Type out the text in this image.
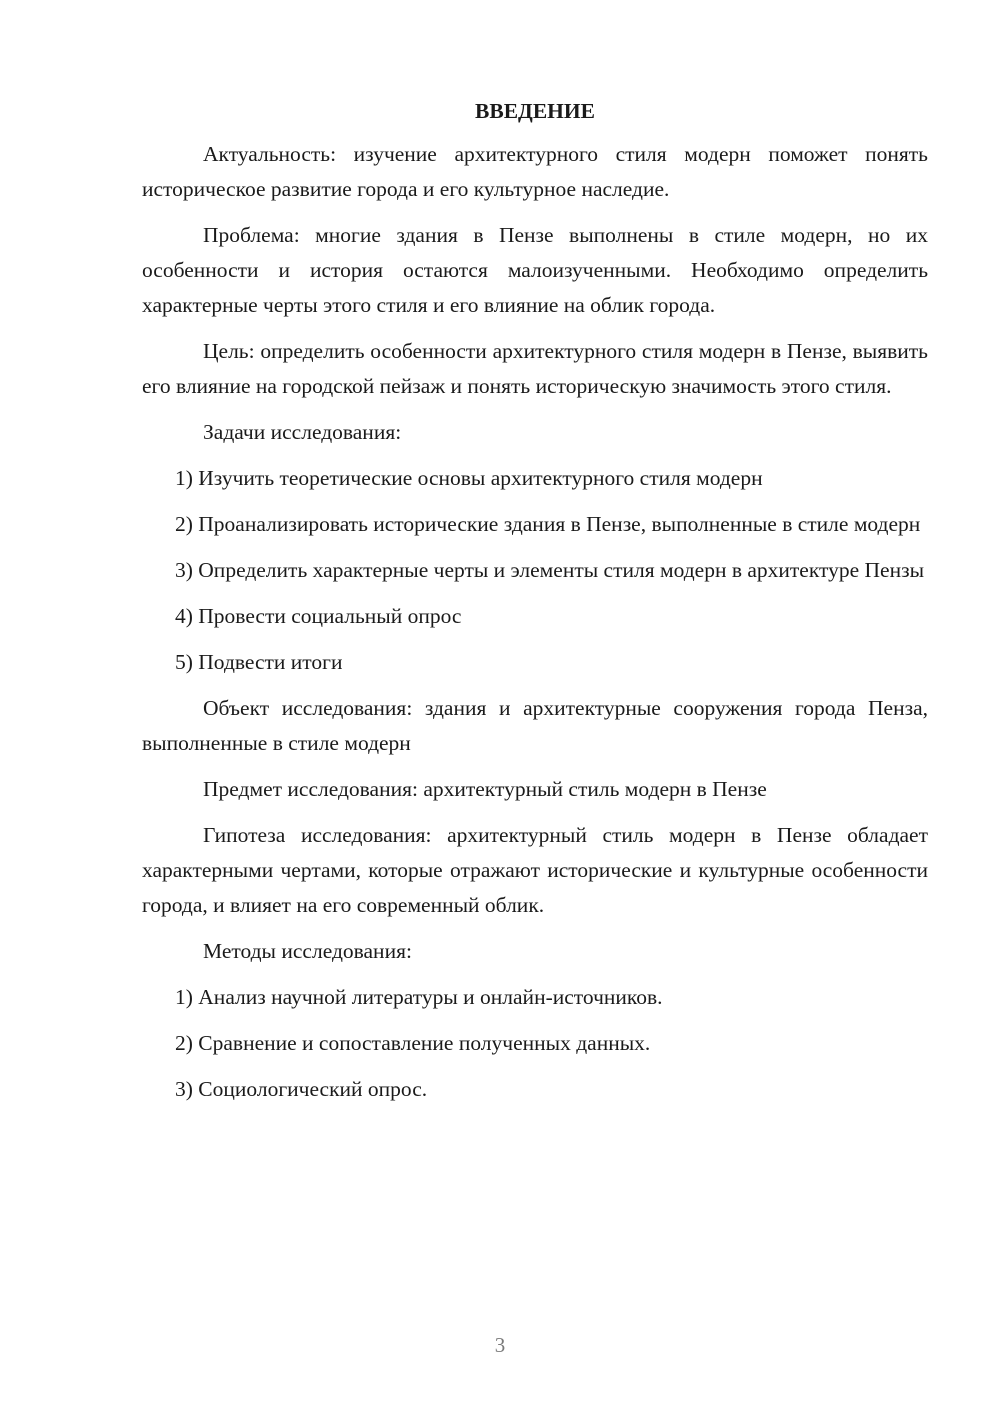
ВВЕДЕНИЕ

Актуальность: изучение архитектурного стиля модерн поможет понять историческое развитие города и его культурное наследие.

Проблема: многие здания в Пензе выполнены в стиле модерн, но их особенности и история остаются малоизученными. Необходимо определить характерные черты этого стиля и его влияние на облик города.

Цель: определить особенности архитектурного стиля модерн в Пензе, выявить его влияние на городской пейзаж и понять историческую значимость этого стиля.

Задачи исследования:

1) Изучить теоретические основы архитектурного стиля модерн

2) Проанализировать исторические здания в Пензе, выполненные в стиле модерн

3) Определить характерные черты и элементы стиля модерн в архитектуре Пензы

4) Провести социальный опрос

5) Подвести итоги

Объект исследования: здания и архитектурные сооружения города Пенза, выполненные в стиле модерн

Предмет исследования: архитектурный стиль модерн в Пензе

Гипотеза исследования: архитектурный стиль модерн в Пензе обладает характерными чертами, которые отражают исторические и культурные особенности города, и влияет на его современный облик.

Методы исследования:

1) Анализ научной литературы и онлайн-источников.

2) Сравнение и сопоставление полученных данных.

3) Социологический опрос.

3
